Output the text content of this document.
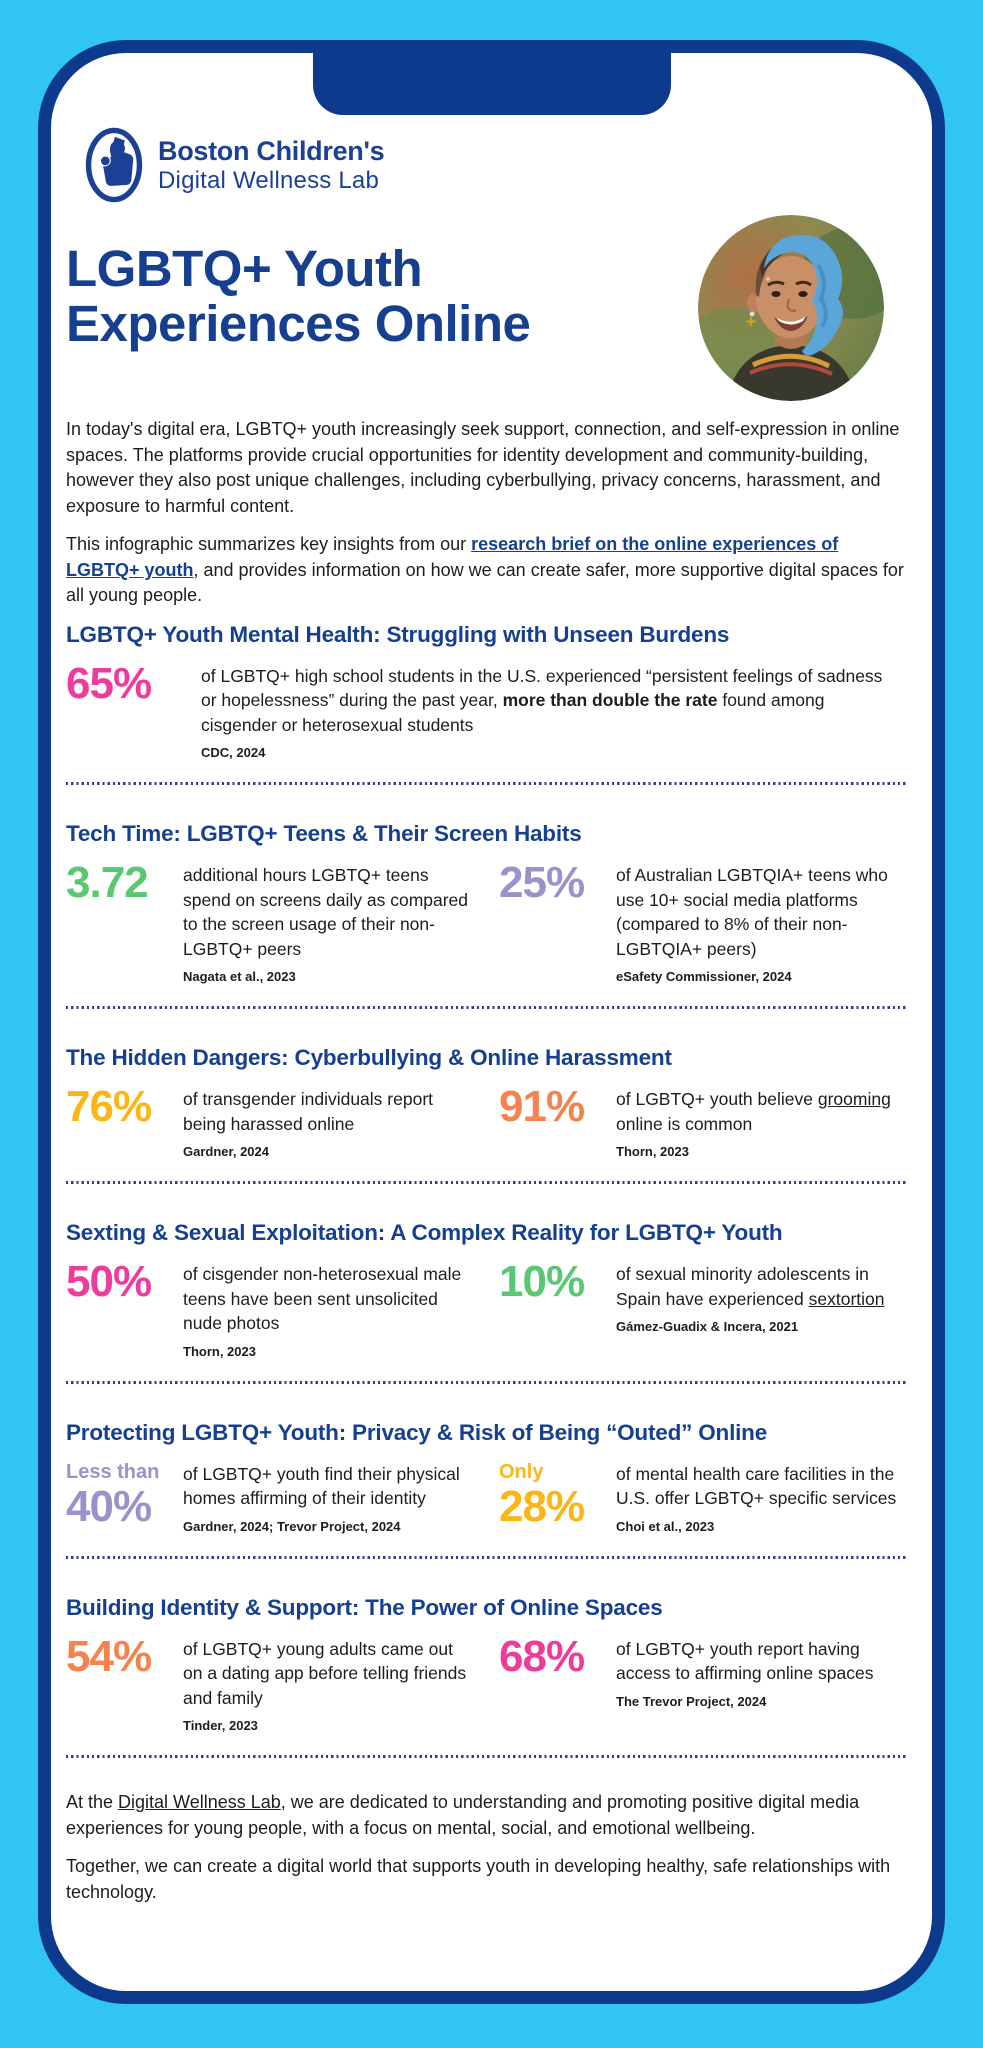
Boston Children's
Digital Wellness Lab
LGBTQ+ Youth
Experiences Online

In today's digital era, LGBTQ+ youth increasingly seek support, connection, and self-expression in online spaces. The platforms provide crucial opportunities for identity development and community-building, however they also post unique challenges, including cyberbullying, privacy concerns, harassment, and exposure to harmful content.

This infographic summarizes key insights from our research brief on the online experiences of LGBTQ+ youth, and provides information on how we can create safer, more supportive digital spaces for all young people.

LGBTQ+ Youth Mental Health: Struggling with Unseen Burdens
65%	of LGBTQ+ high school students in the U.S. experienced “persistent feelings of sadness or hopelessness” during the past year, more than double the rate found among cisgender or heterosexual students

CDC, 2024

Tech Time: LGBTQ+ Teens & Their Screen Habits
3.72	additional hours LGBTQ+ teens spend on screens daily as compared to the screen usage of their non-LGBTQ+ peers

Nagata et al., 2023

25%	of Australian LGBTQIA+ teens who use 10+ social media platforms (compared to 8% of their non-LGBTQIA+ peers)

eSafety Commissioner, 2024

The Hidden Dangers: Cyberbullying & Online Harassment
76%	of transgender individuals report being harassed online

Gardner, 2024

91%	of LGBTQ+ youth believe grooming online is common

Thorn, 2023

Sexting & Sexual Exploitation: A Complex Reality for LGBTQ+ Youth
50%	of cisgender non-heterosexual male teens have been sent unsolicited nude photos

Thorn, 2023

10%	of sexual minority adolescents in Spain have experienced sextortion

Gámez-Guadix & Incera, 2021

Protecting LGBTQ+ Youth: Privacy & Risk of Being “Outed” Online
Less than
40%

of LGBTQ+ youth find their physical homes affirming of their identity

Gardner, 2024; Trevor Project, 2024

Only
28%

of mental health care facilities in the U.S. offer LGBTQ+ specific services

Choi et al., 2023

Building Identity & Support: The Power of Online Spaces
54%	of LGBTQ+ young adults came out on a dating app before telling friends and family

Tinder, 2023

68%	of LGBTQ+ youth report having access to affirming online spaces

The Trevor Project, 2024

At the Digital Wellness Lab, we are dedicated to understanding and promoting positive digital media experiences for young people, with a focus on mental, social, and emotional wellbeing.

Together, we can create a digital world that supports youth in developing healthy, safe relationships with technology.
